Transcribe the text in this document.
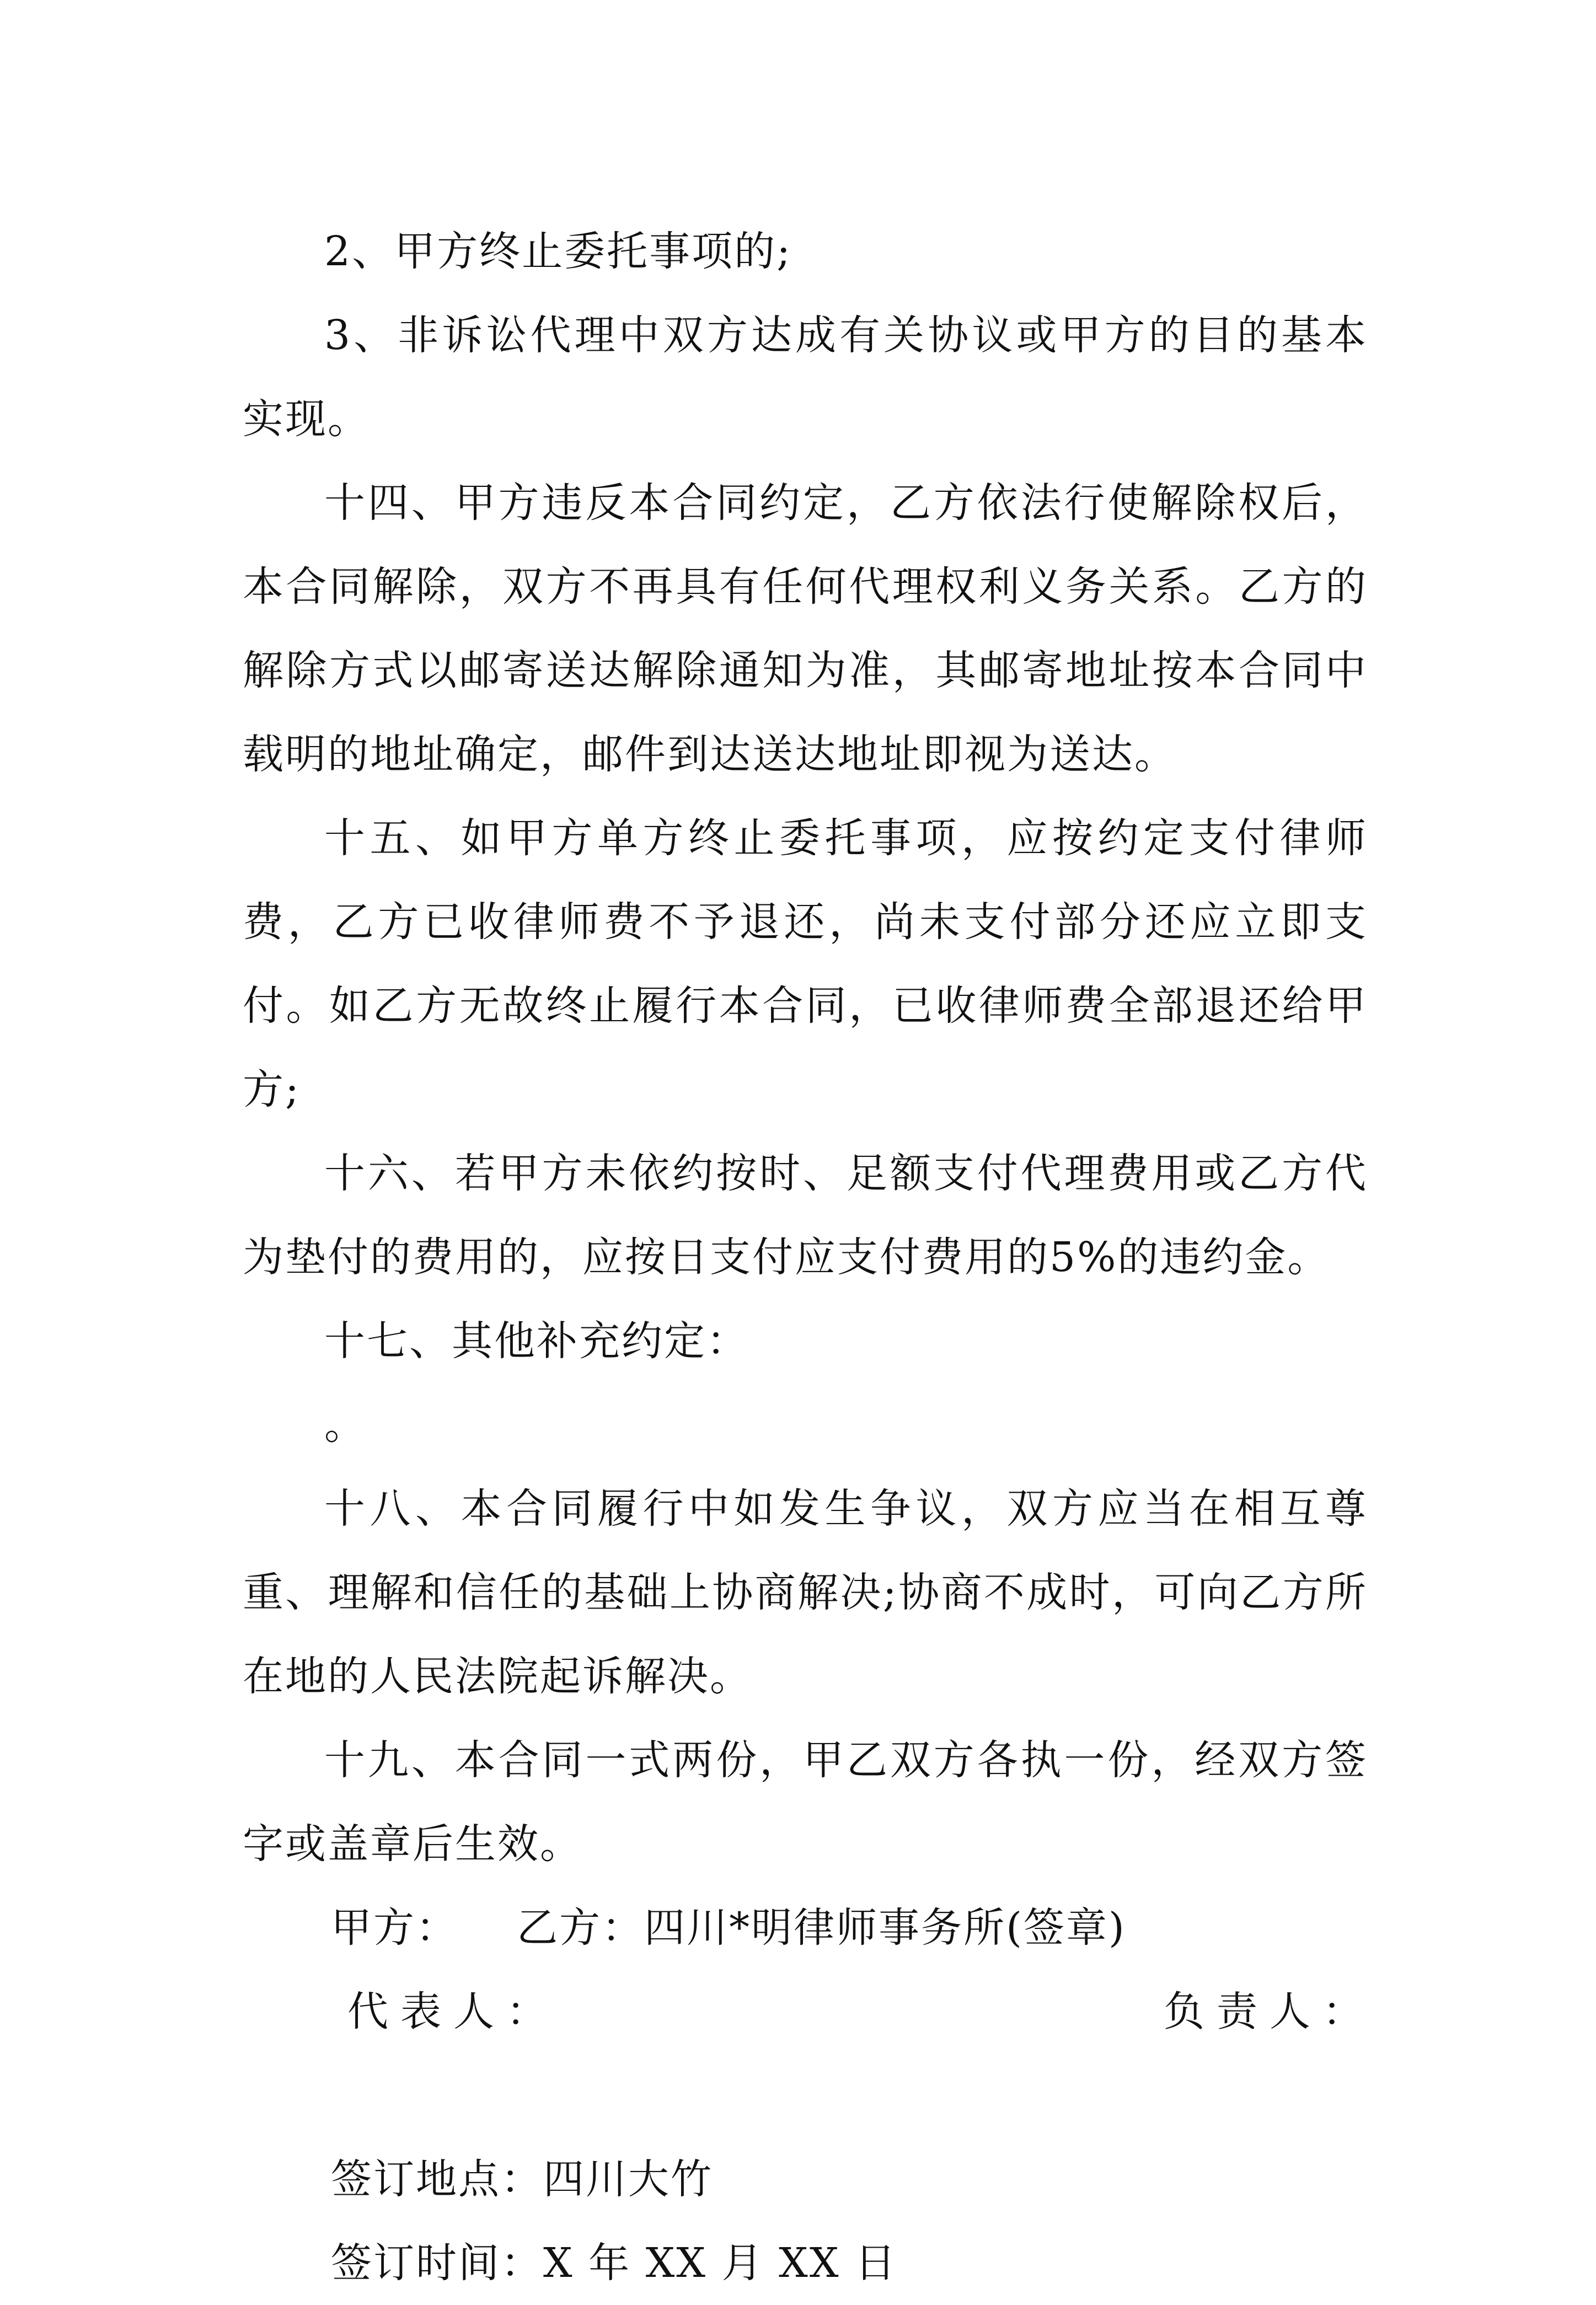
2、甲方终止委托事项的;

3、非诉讼代理中双方达成有关协议或甲方的目的基本实现。

十四、甲方违反本合同约定，乙方依法行使解除权后，本合同解除，双方不再具有任何代理权利义务关系。乙方的解除方式以邮寄送达解除通知为准，其邮寄地址按本合同中载明的地址确定，邮件到达送达地址即视为送达。

十五、如甲方单方终止委托事项，应按约定支付律师费，乙方已收律师费不予退还，尚未支付部分还应立即支付。如乙方无故终止履行本合同，已收律师费全部退还给甲方;

十六、若甲方未依约按时、足额支付代理费用或乙方代为垫付的费用的，应按日支付应支付费用的5%的违约金。

十七、其他补充约定：

。

十八、本合同履行中如发生争议，双方应当在相互尊重、理解和信任的基础上协商解决;协商不成时，可向乙方所在地的人民法院起诉解决。

十九、本合同一式两份，甲乙双方各执一份，经双方签字或盖章后生效。

甲方：    乙方：四川*明律师事务所(签章)

代表人：	负责人：

签订地点：四川大竹

签订时间：X 年 XX 月 XX 日
